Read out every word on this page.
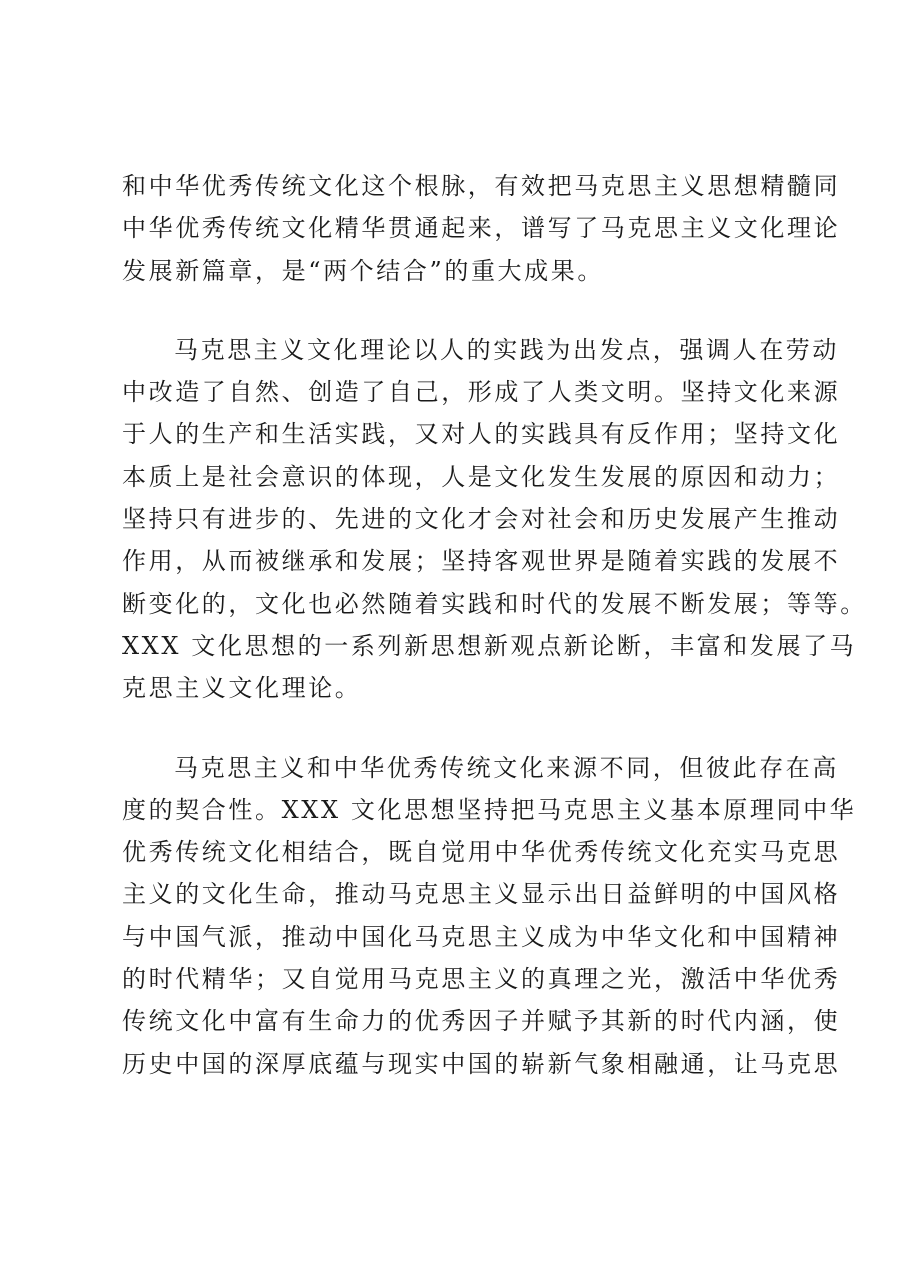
和中华优秀传统文化这个根脉，有效把马克思主义思想精髓同
中华优秀传统文化精华贯通起来，谱写了马克思主义文化理论
发展新篇章，是“两个结合”的重大成果。
马克思主义文化理论以人的实践为出发点，强调人在劳动
中改造了自然、创造了自己，形成了人类文明。坚持文化来源
于人的生产和生活实践，又对人的实践具有反作用；坚持文化
本质上是社会意识的体现，人是文化发生发展的原因和动力；
坚持只有进步的、先进的文化才会对社会和历史发展产生推动
作用，从而被继承和发展；坚持客观世界是随着实践的发展不
断变化的，文化也必然随着实践和时代的发展不断发展；等等。
XXX 文化思想的一系列新思想新观点新论断，丰富和发展了马
克思主义文化理论。
马克思主义和中华优秀传统文化来源不同，但彼此存在高
度的契合性。XXX 文化思想坚持把马克思主义基本原理同中华
优秀传统文化相结合，既自觉用中华优秀传统文化充实马克思
主义的文化生命，推动马克思主义显示出日益鲜明的中国风格
与中国气派，推动中国化马克思主义成为中华文化和中国精神
的时代精华；又自觉用马克思主义的真理之光，激活中华优秀
传统文化中富有生命力的优秀因子并赋予其新的时代内涵，使
历史中国的深厚底蕴与现实中国的崭新气象相融通，让马克思
